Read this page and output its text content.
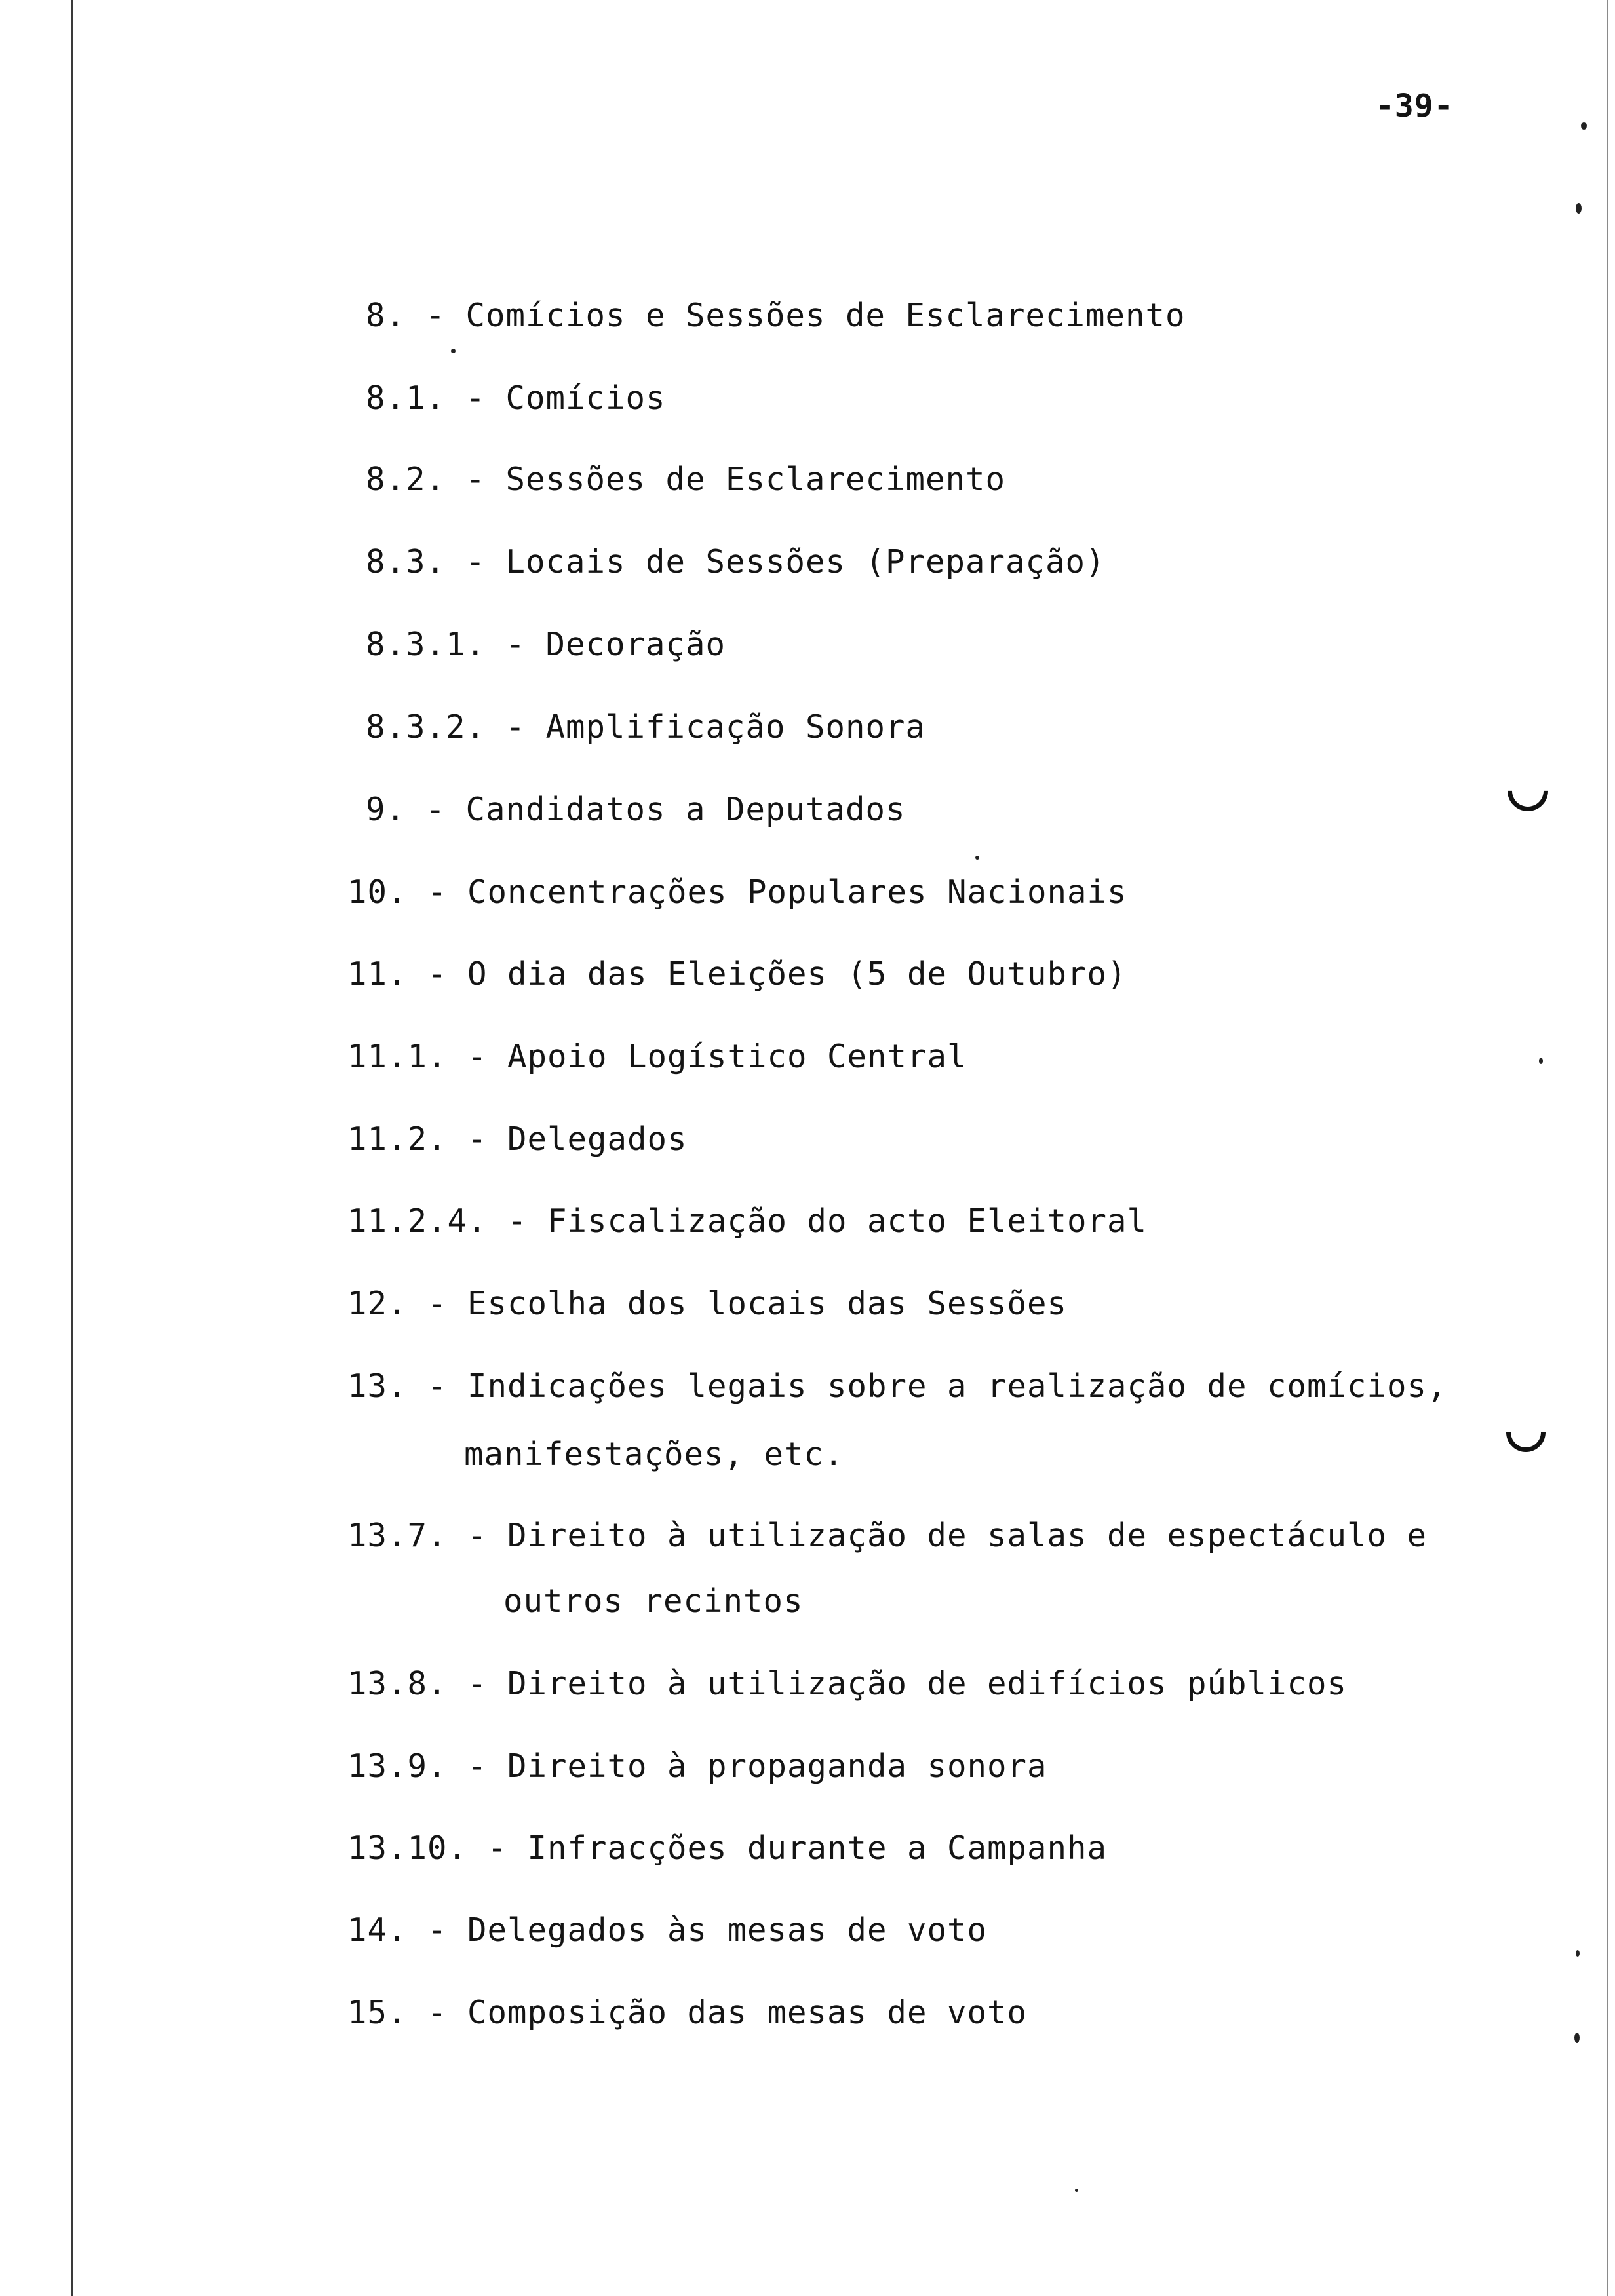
-39-
8. - Comícios e Sessões de Esclarecimento
8.1. - Comícios
8.2. - Sessões de Esclarecimento
8.3. - Locais de Sessões (Preparação)
8.3.1. - Decoração
8.3.2. - Amplificação Sonora
9. - Candidatos a Deputados
10. - Concentrações Populares Nacionais
11. - O dia das Eleições (5 de Outubro)
11.1. - Apoio Logístico Central
11.2. - Delegados
11.2.4. - Fiscalização do acto Eleitoral
12. - Escolha dos locais das Sessões
13. - Indicações legais sobre a realização de comícios,
manifestações, etc.
13.7. - Direito à utilização de salas de espectáculo e
outros recintos
13.8. - Direito à utilização de edifícios públicos
13.9. - Direito à propaganda sonora
13.10. - Infracções durante a Campanha
14. - Delegados às mesas de voto
15. - Composição das mesas de voto
